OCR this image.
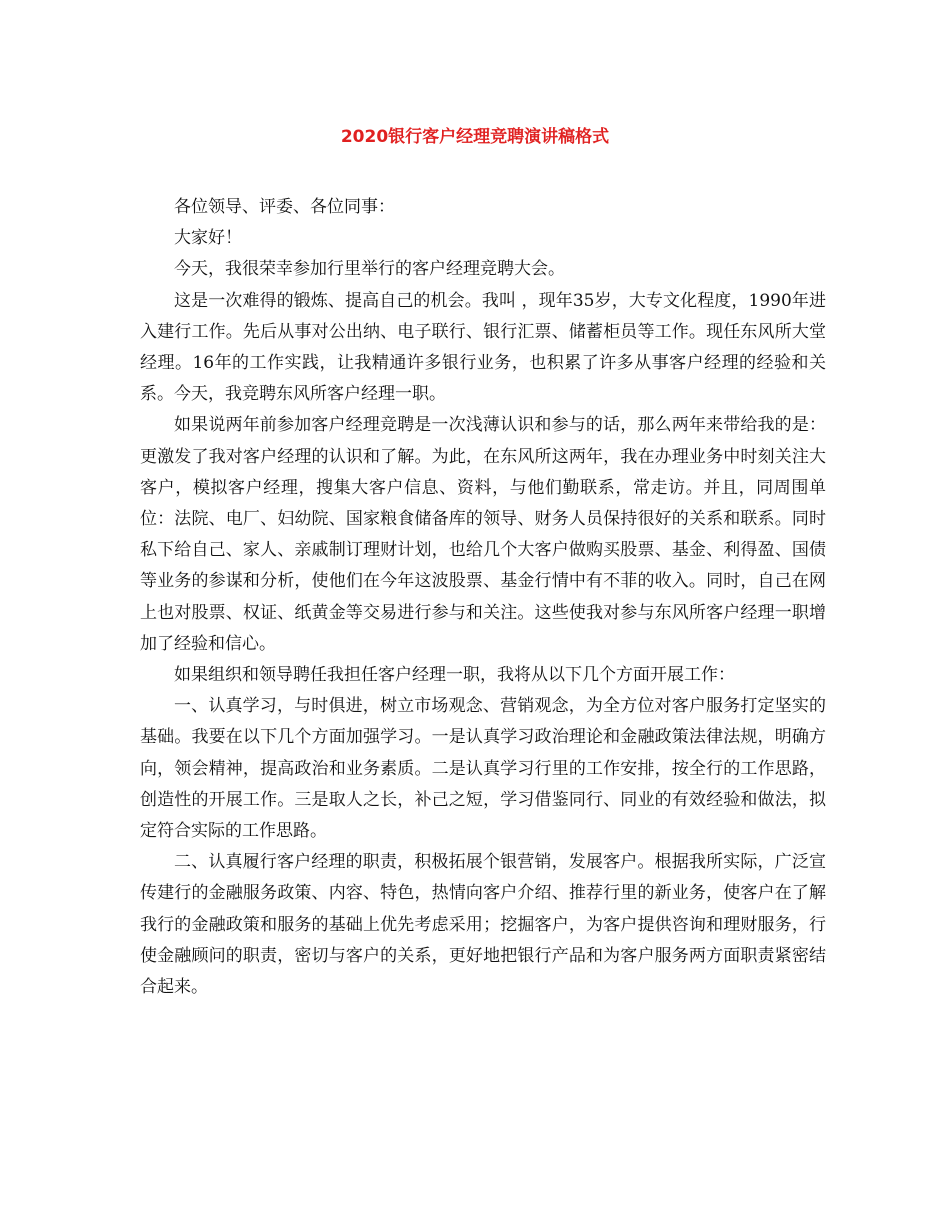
2020银行客户经理竞聘演讲稿格式

各位领导、评委、各位同事：

大家好！

今天，我很荣幸参加行里举行的客户经理竞聘大会。

这是一次难得的锻炼、提高自己的机会。我叫 ，现年35岁，大专文化程度，1990年进入建行工作。先后从事对公出纳、电子联行、银行汇票、储蓄柜员等工作。现任东风所大堂经理。16年的工作实践，让我精通许多银行业务，也积累了许多从事客户经理的经验和关系。今天，我竞聘东风所客户经理一职。

如果说两年前参加客户经理竞聘是一次浅薄认识和参与的话，那么两年来带给我的是：更激发了我对客户经理的认识和了解。为此，在东风所这两年，我在办理业务中时刻关注大客户，模拟客户经理，搜集大客户信息、资料，与他们勤联系，常走访。并且，同周围单位：法院、电厂、妇幼院、国家粮食储备库的领导、财务人员保持很好的关系和联系。同时私下给自己、家人、亲戚制订理财计划，也给几个大客户做购买股票、基金、利得盈、国债等业务的参谋和分析，使他们在今年这波股票、基金行情中有不菲的收入。同时，自己在网上也对股票、权证、纸黄金等交易进行参与和关注。这些使我对参与东风所客户经理一职增加了经验和信心。

如果组织和领导聘任我担任客户经理一职，我将从以下几个方面开展工作：

一、认真学习，与时俱进，树立市场观念、营销观念，为全方位对客户服务打定坚实的基础。我要在以下几个方面加强学习。一是认真学习政治理论和金融政策法律法规，明确方向，领会精神，提高政治和业务素质。二是认真学习行里的工作安排，按全行的工作思路，创造性的开展工作。三是取人之长，补己之短，学习借鉴同行、同业的有效经验和做法，拟定符合实际的工作思路。

二、认真履行客户经理的职责，积极拓展个银营销，发展客户。根据我所实际，广泛宣传建行的金融服务政策、内容、特色，热情向客户介绍、推荐行里的新业务，使客户在了解我行的金融政策和服务的基础上优先考虑采用；挖掘客户，为客户提供咨询和理财服务，行使金融顾问的职责，密切与客户的关系，更好地把银行产品和为客户服务两方面职责紧密结合起来。
